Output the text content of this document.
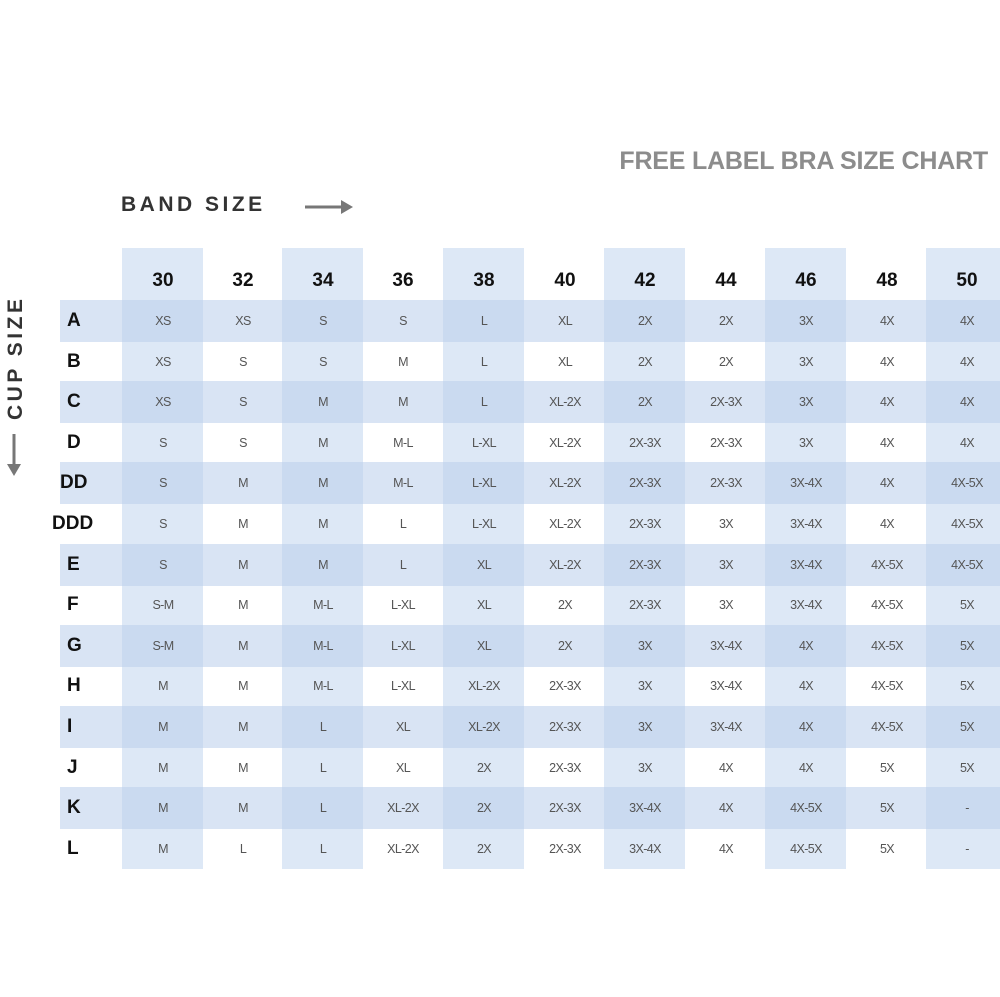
FREE LABEL BRA SIZE CHART
BAND SIZE
CUP SIZE
30	32	34	36	38	40	42	44	46	48	50
A	XS	XS	S	S	L	XL	2X	2X	3X	4X	4X
B	XS	S	S	M	L	XL	2X	2X	3X	4X	4X
C	XS	S	M	M	L	XL-2X	2X	2X-3X	3X	4X	4X
D	S	S	M	M-L	L-XL	XL-2X	2X-3X	2X-3X	3X	4X	4X
DD	S	M	M	M-L	L-XL	XL-2X	2X-3X	2X-3X	3X-4X	4X	4X-5X
DDD	S	M	M	L	L-XL	XL-2X	2X-3X	3X	3X-4X	4X	4X-5X
E	S	M	M	L	XL	XL-2X	2X-3X	3X	3X-4X	4X-5X	4X-5X
F	S-M	M	M-L	L-XL	XL	2X	2X-3X	3X	3X-4X	4X-5X	5X
G	S-M	M	M-L	L-XL	XL	2X	3X	3X-4X	4X	4X-5X	5X
H	M	M	M-L	L-XL	XL-2X	2X-3X	3X	3X-4X	4X	4X-5X	5X
I	M	M	L	XL	XL-2X	2X-3X	3X	3X-4X	4X	4X-5X	5X
J	M	M	L	XL	2X	2X-3X	3X	4X	4X	5X	5X
K	M	M	L	XL-2X	2X	2X-3X	3X-4X	4X	4X-5X	5X	-
L	M	L	L	XL-2X	2X	2X-3X	3X-4X	4X	4X-5X	5X	-
